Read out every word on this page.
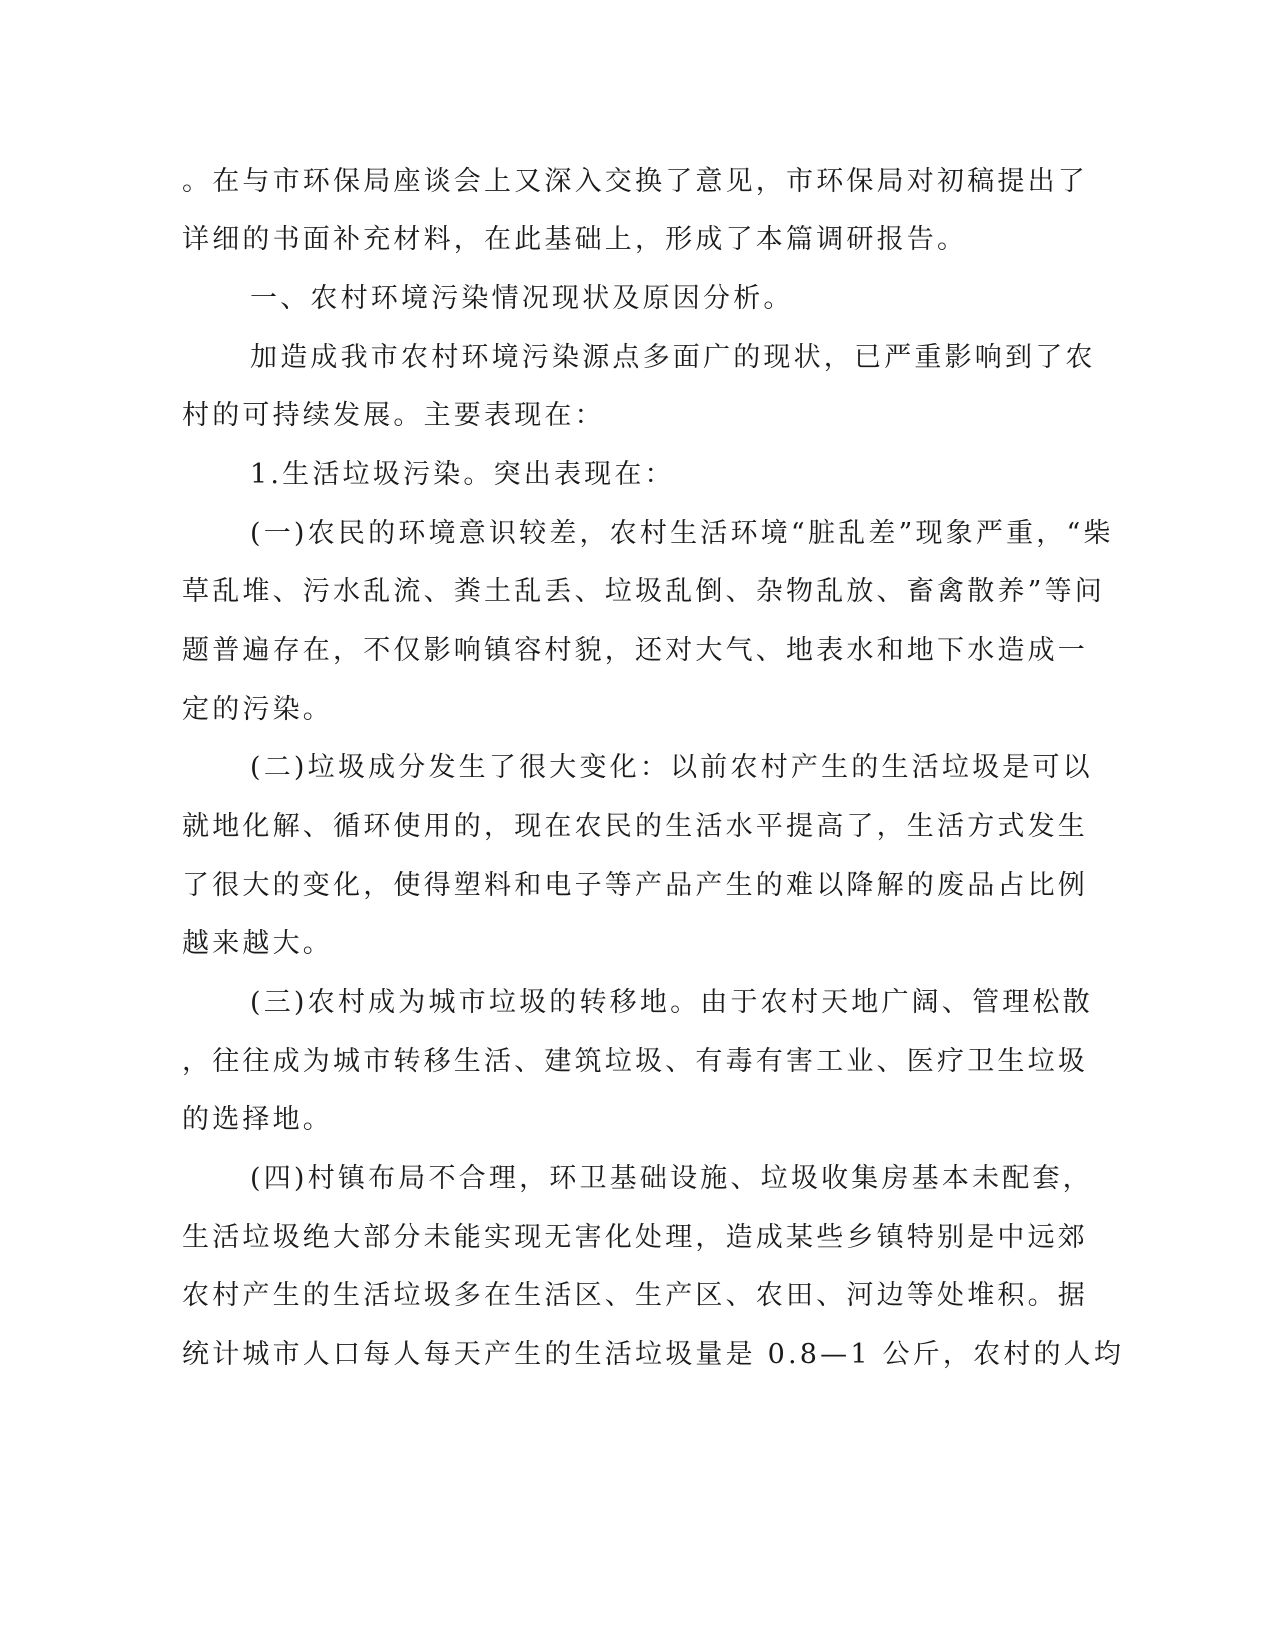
。在与市环保局座谈会上又深入交换了意见，市环保局对初稿提出了
详细的书面补充材料，在此基础上，形成了本篇调研报告。
一、农村环境污染情况现状及原因分析。
加造成我市农村环境污染源点多面广的现状，已严重影响到了农
村的可持续发展。主要表现在：
1.生活垃圾污染。突出表现在：
(一)农民的环境意识较差，农村生活环境“脏乱差”现象严重，“柴
草乱堆、污水乱流、粪土乱丢、垃圾乱倒、杂物乱放、畜禽散养”等问
题普遍存在，不仅影响镇容村貌，还对大气、地表水和地下水造成一
定的污染。
(二)垃圾成分发生了很大变化：以前农村产生的生活垃圾是可以
就地化解、循环使用的，现在农民的生活水平提高了，生活方式发生
了很大的变化，使得塑料和电子等产品产生的难以降解的废品占比例
越来越大。
(三)农村成为城市垃圾的转移地。由于农村天地广阔、管理松散
，往往成为城市转移生活、建筑垃圾、有毒有害工业、医疗卫生垃圾
的选择地。
(四)村镇布局不合理，环卫基础设施、垃圾收集房基本未配套，
生活垃圾绝大部分未能实现无害化处理，造成某些乡镇特别是中远郊
农村产生的生活垃圾多在生活区、生产区、农田、河边等处堆积。据
统计城市人口每人每天产生的生活垃圾量是 0.8—1 公斤，农村的人均
